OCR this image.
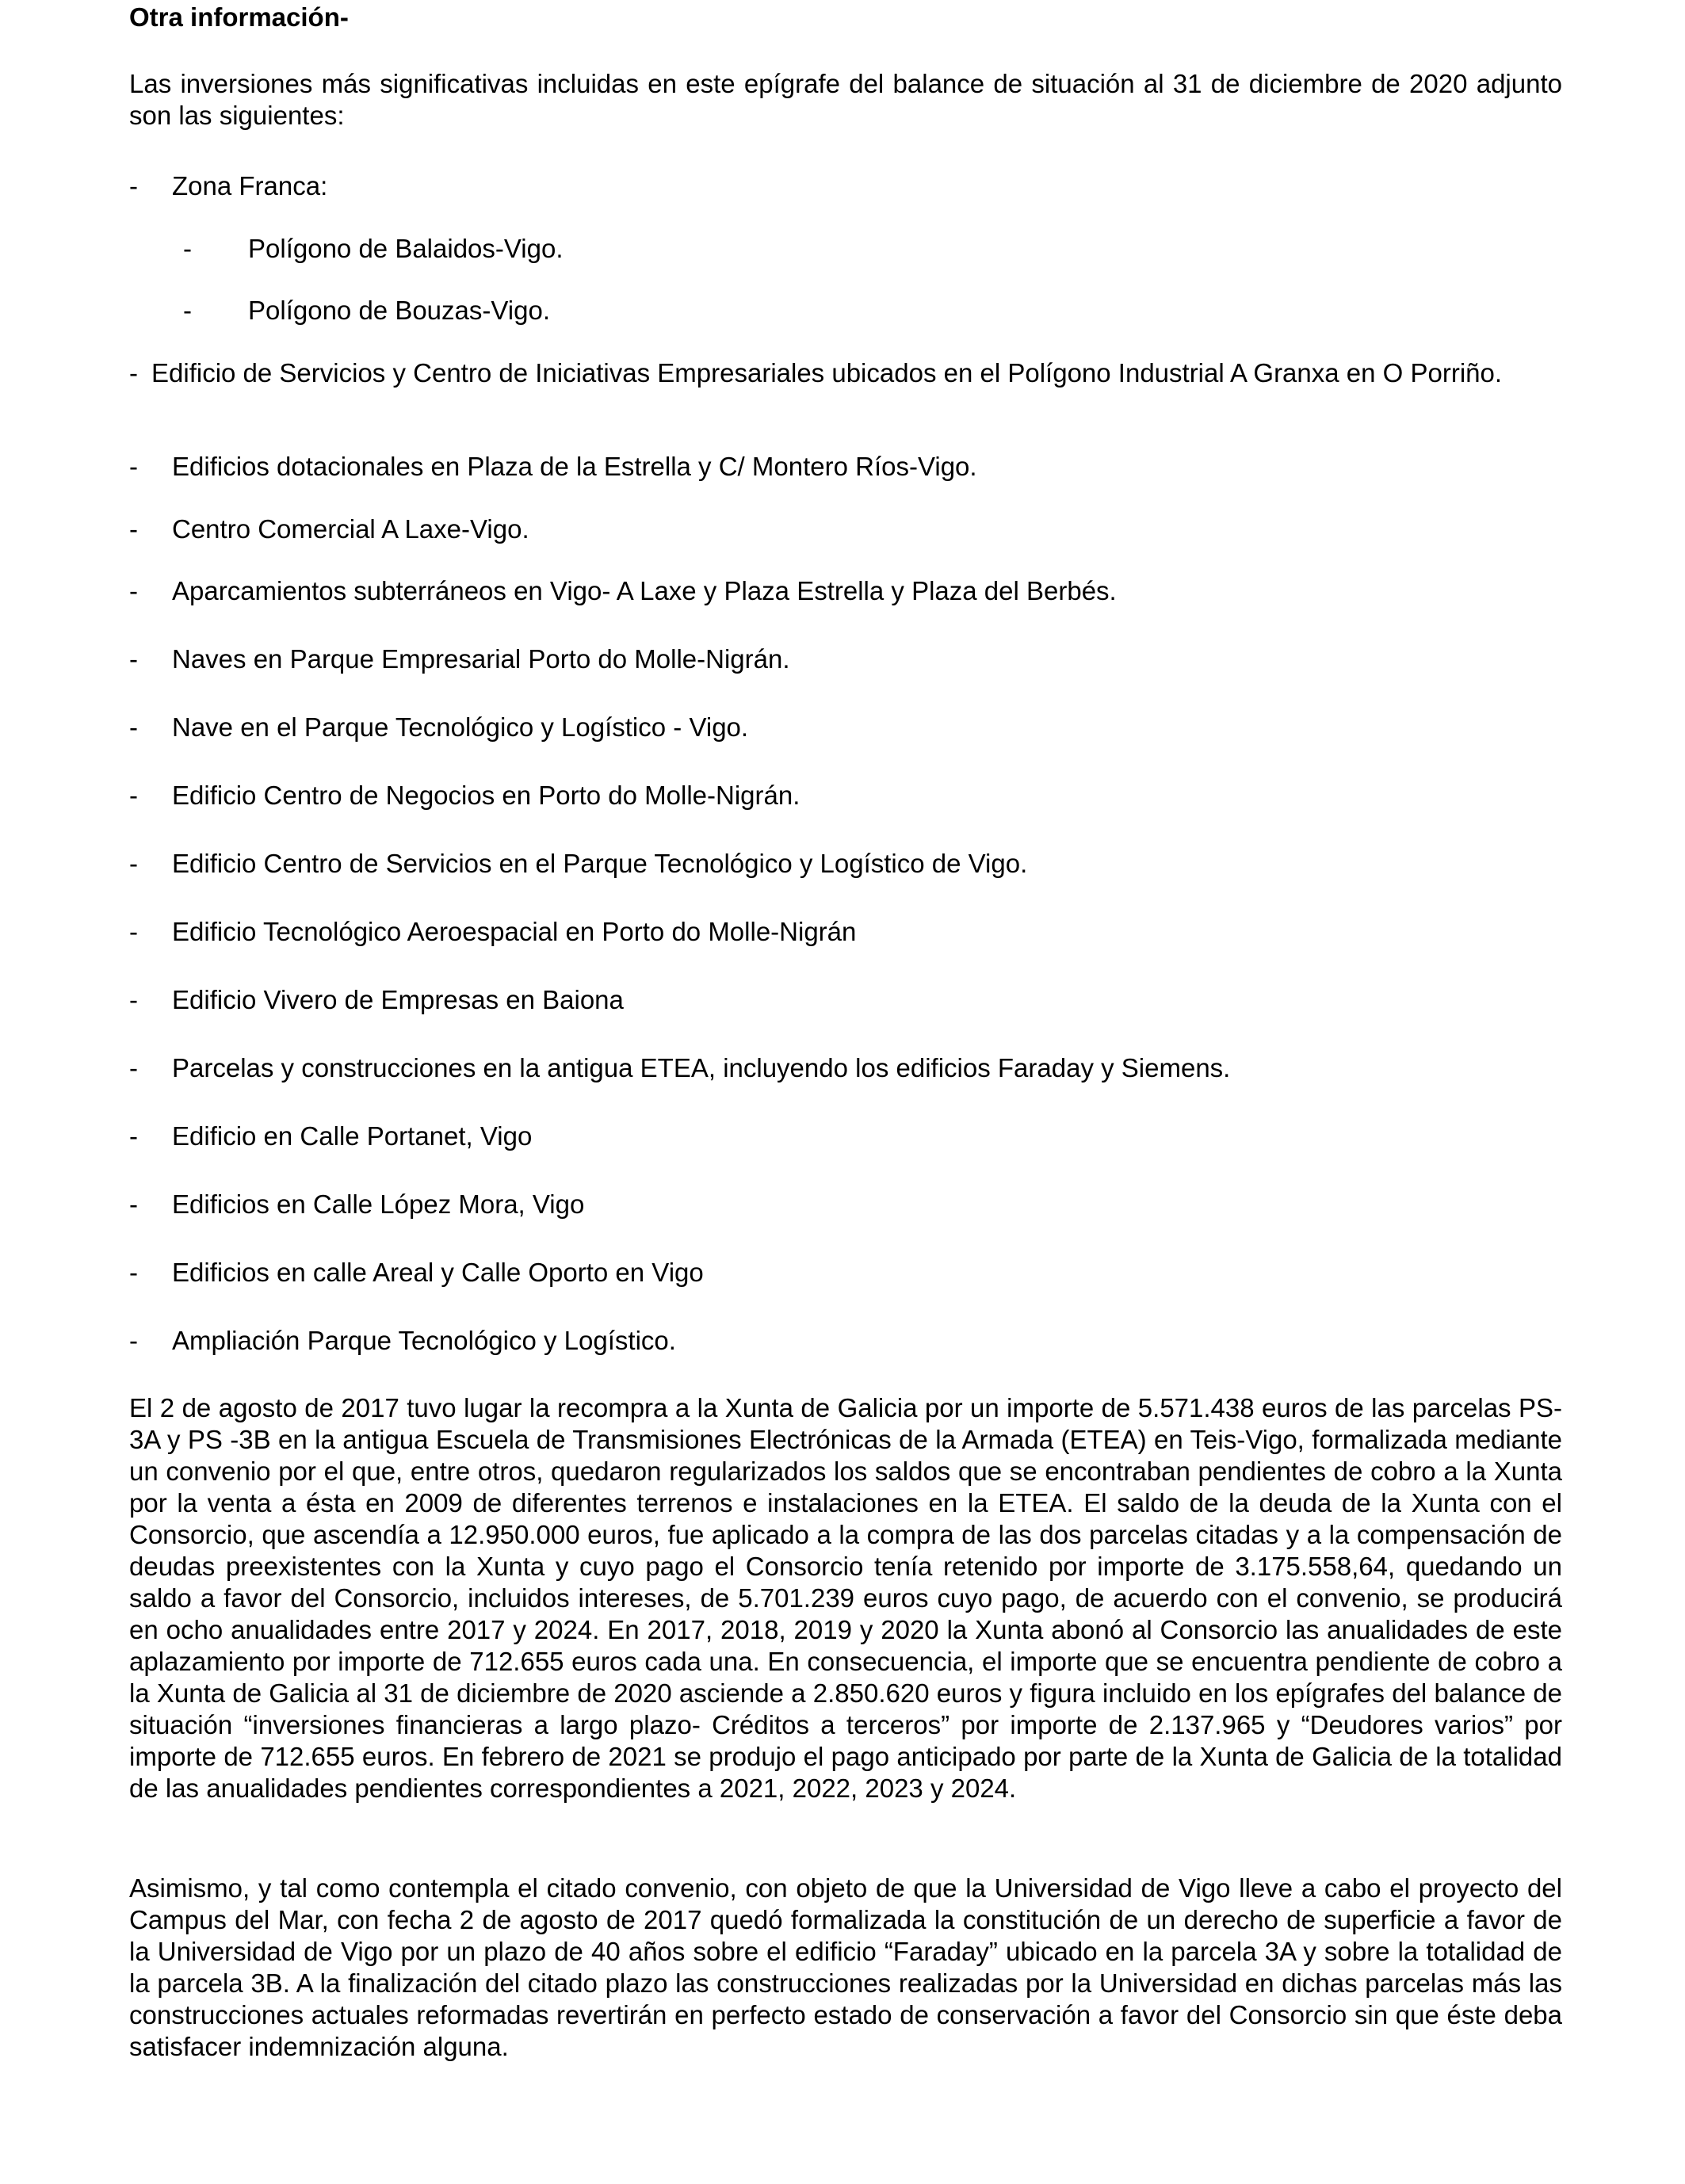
Otra información-

Las inversiones más significativas incluidas en este epígrafe del balance de situación al 31 de diciembre de 2020 adjunto son las siguientes:

- Zona Franca:
- Polígono de Balaidos-Vigo.
- Polígono de Bouzas-Vigo.
- Edificio de Servicios y Centro de Iniciativas Empresariales ubicados en el Polígono Industrial A Granxa en O Porriño.
- Edificios dotacionales en Plaza de la Estrella y C/ Montero Ríos-Vigo.
- Centro Comercial A Laxe-Vigo.
- Aparcamientos subterráneos en Vigo- A Laxe y Plaza Estrella y Plaza del Berbés.
- Naves en Parque Empresarial Porto do Molle-Nigrán.
- Nave en el Parque Tecnológico y Logístico - Vigo.
- Edificio Centro de Negocios en Porto do Molle-Nigrán.
- Edificio Centro de Servicios en el Parque Tecnológico y Logístico de Vigo.
- Edificio Tecnológico Aeroespacial en Porto do Molle-Nigrán
- Edificio Vivero de Empresas en Baiona
- Parcelas y construcciones en la antigua ETEA, incluyendo los edificios Faraday y Siemens.
- Edificio en Calle Portanet, Vigo
- Edificios en Calle López Mora, Vigo
- Edificios en calle Areal y Calle Oporto en Vigo
- Ampliación Parque Tecnológico y Logístico.

El 2 de agosto de 2017 tuvo lugar la recompra a la Xunta de Galicia por un importe de 5.571.438 euros de las parcelas PS-3A y PS -3B en la antigua Escuela de Transmisiones Electrónicas de la Armada (ETEA) en Teis-Vigo, formalizada mediante un convenio por el que, entre otros, quedaron regularizados los saldos que se encontraban pendientes de cobro a la Xunta por la venta a ésta en 2009 de diferentes terrenos e instalaciones en la ETEA. El saldo de la deuda de la Xunta con el Consorcio, que ascendía a 12.950.000 euros, fue aplicado a la compra de las dos parcelas citadas y a la compensación de deudas preexistentes con la Xunta y cuyo pago el Consorcio tenía retenido por importe de 3.175.558,64, quedando un saldo a favor del Consorcio, incluidos intereses, de 5.701.239 euros cuyo pago, de acuerdo con el convenio, se producirá en ocho anualidades entre 2017 y 2024. En 2017, 2018, 2019 y 2020 la Xunta abonó al Consorcio las anualidades de este aplazamiento por importe de 712.655 euros cada una. En consecuencia, el importe que se encuentra pendiente de cobro a la Xunta de Galicia al 31 de diciembre de 2020 asciende a 2.850.620 euros y figura incluido en los epígrafes del balance de situación “inversiones financieras a largo plazo- Créditos a terceros” por importe de 2.137.965 y “Deudores varios” por importe de 712.655 euros. En febrero de 2021 se produjo el pago anticipado por parte de la Xunta de Galicia de la totalidad de las anualidades pendientes correspondientes a 2021, 2022, 2023 y 2024.

Asimismo, y tal como contempla el citado convenio, con objeto de que la Universidad de Vigo lleve a cabo el proyecto del Campus del Mar, con fecha 2 de agosto de 2017 quedó formalizada la constitución de un derecho de superficie a favor de la Universidad de Vigo por un plazo de 40 años sobre el edificio “Faraday” ubicado en la parcela 3A y sobre la totalidad de la parcela 3B. A la finalización del citado plazo las construcciones realizadas por la Universidad en dichas parcelas más las construcciones actuales reformadas revertirán en perfecto estado de conservación a favor del Consorcio sin que éste deba satisfacer indemnización alguna.
